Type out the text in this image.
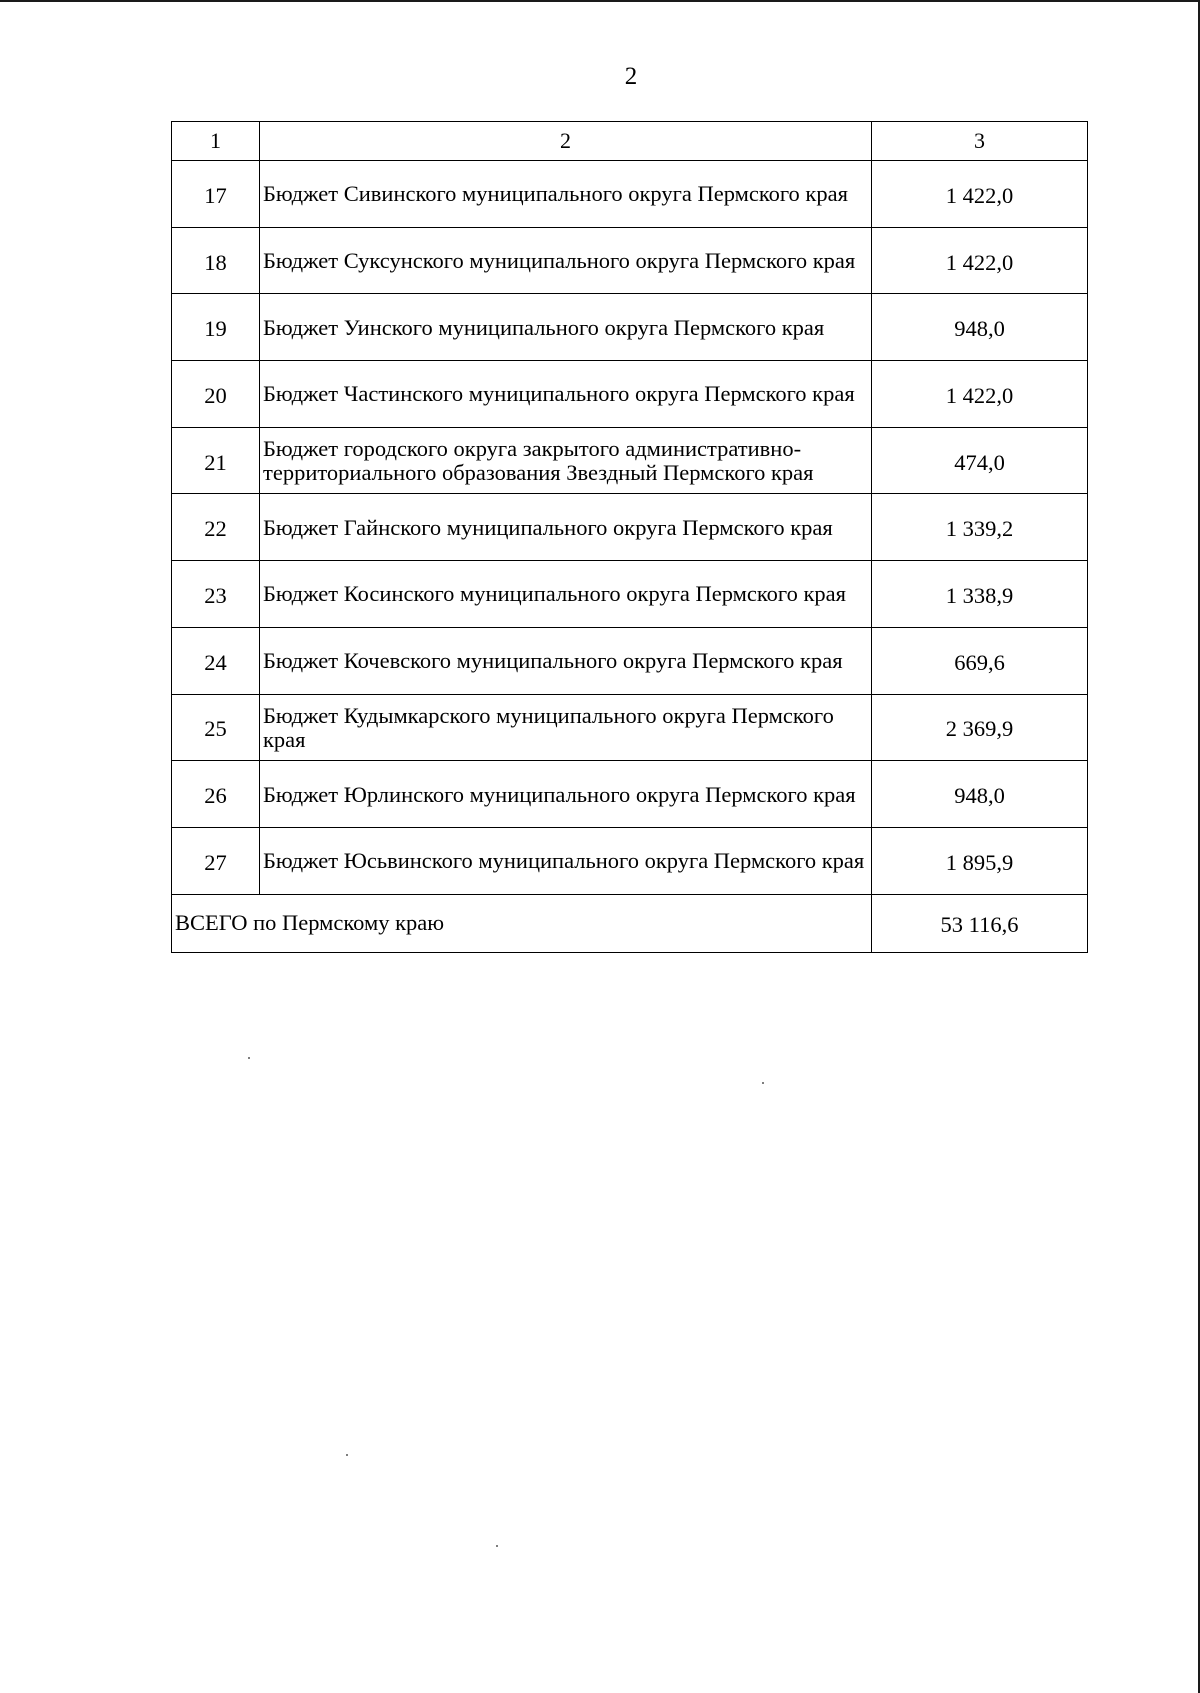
2
1	2	3
17	Бюджет Сивинского муниципального округа Пермского края	1 422,0
18	Бюджет Суксунского муниципального округа Пермского края	1 422,0
19	Бюджет Уинского муниципального округа Пермского края	948,0
20	Бюджет Частинского муниципального округа Пермского края	1 422,0
21	Бюджет городского округа закрытого административно-территориального образования Звездный Пермского края	474,0
22	Бюджет Гайнского муниципального округа Пермского края	1 339,2
23	Бюджет Косинского муниципального округа Пермского края	1 338,9
24	Бюджет Кочевского муниципального округа Пермского края	669,6
25	Бюджет Кудымкарского муниципального округа Пермского края	2 369,9
26	Бюджет Юрлинского муниципального округа Пермского края	948,0
27	Бюджет Юсьвинского муниципального округа Пермского края	1 895,9
ВСЕГО по Пермскому краю		53 116,6
